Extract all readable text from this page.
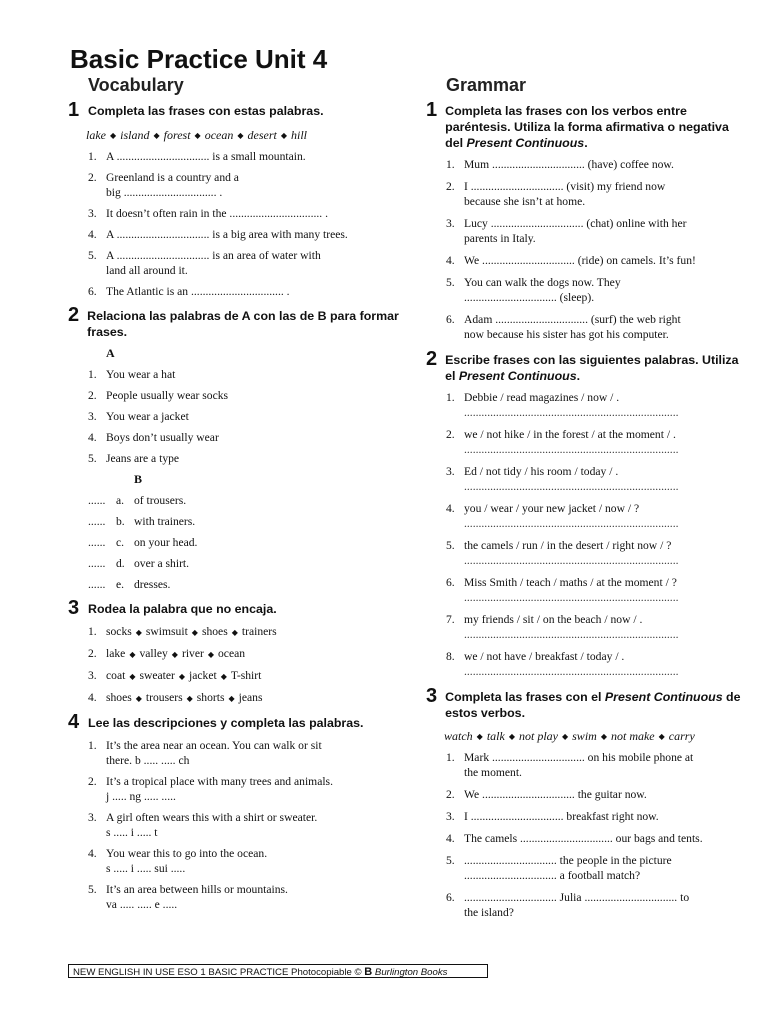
Basic Practice Unit 4
Vocabulary	Grammar
1 Completa las frases con estas palabras.
lake ◆ island ◆ forest ◆ ocean ◆ desert ◆ hill
1. A ................................ is a small mountain.
2. Greenland is a country and a
big ................................ .
3. It doesn’t often rain in the ................................ .
4. A ................................ is a big area with many trees.
5. A ................................ is an area of water with
land all around it.
6. The Atlantic is an ................................ .
2 Relaciona las palabras de A con las de B para formar frases.
A
1. You wear a hat
2. People usually wear socks
3. You wear a jacket
4. Boys don’t usually wear
5. Jeans are a type
B
...... a. of trousers.
...... b. with trainers.
...... c. on your head.
...... d. over a shirt.
...... e. dresses.
3 Rodea la palabra que no encaja.
1. socks ◆ swimsuit ◆ shoes ◆ trainers
2. lake ◆ valley ◆ river ◆ ocean
3. coat ◆ sweater ◆ jacket ◆ T-shirt
4. shoes ◆ trousers ◆ shorts ◆ jeans
4 Lee las descripciones y completa las palabras.
1. It’s the area near an ocean. You can walk or sit
there. b ..... ..... ch
2. It’s a tropical place with many trees and animals.
j ..... ng ..... .....
3. A girl often wears this with a shirt or sweater.
s ..... i ..... t
4. You wear this to go into the ocean.
s ..... i ..... sui .....
5. It’s an area between hills or mountains.
va ..... ..... e .....
1 Completa las frases con los verbos entre paréntesis. Utiliza la forma afirmativa o negativa del Present Continuous.
1. Mum ................................ (have) coffee now.
2. I ................................ (visit) my friend now
because she isn’t at home.
3. Lucy ................................ (chat) online with her
parents in Italy.
4. We ................................ (ride) on camels. It’s fun!
5. You can walk the dogs now. They
................................ (sleep).
6. Adam ................................ (surf) the web right
now because his sister has got his computer.
2 Escribe frases con las siguientes palabras. Utiliza el Present Continuous.
1. Debbie / read magazines / now / .
..........................................................................
2. we / not hike / in the forest / at the moment / .
..........................................................................
3. Ed / not tidy / his room / today / .
..........................................................................
4. you / wear / your new jacket / now / ?
..........................................................................
5. the camels / run / in the desert / right now / ?
..........................................................................
6. Miss Smith / teach / maths / at the moment / ?
..........................................................................
7. my friends / sit / on the beach / now / .
..........................................................................
8. we / not have / breakfast / today / .
..........................................................................
3 Completa las frases con el Present Continuous de estos verbos.
watch ◆ talk ◆ not play ◆ swim ◆ not make ◆ carry
1. Mark ................................ on his mobile phone at
the moment.
2. We ................................ the guitar now.
3. I ................................ breakfast right now.
4. The camels ................................ our bags and tents.
5. ................................ the people in the picture
................................ a football match?
6. ................................ Julia ................................ to
the island?
NEW ENGLISH IN USE ESO 1 BASIC PRACTICE Photocopiable © B Burlington Books
